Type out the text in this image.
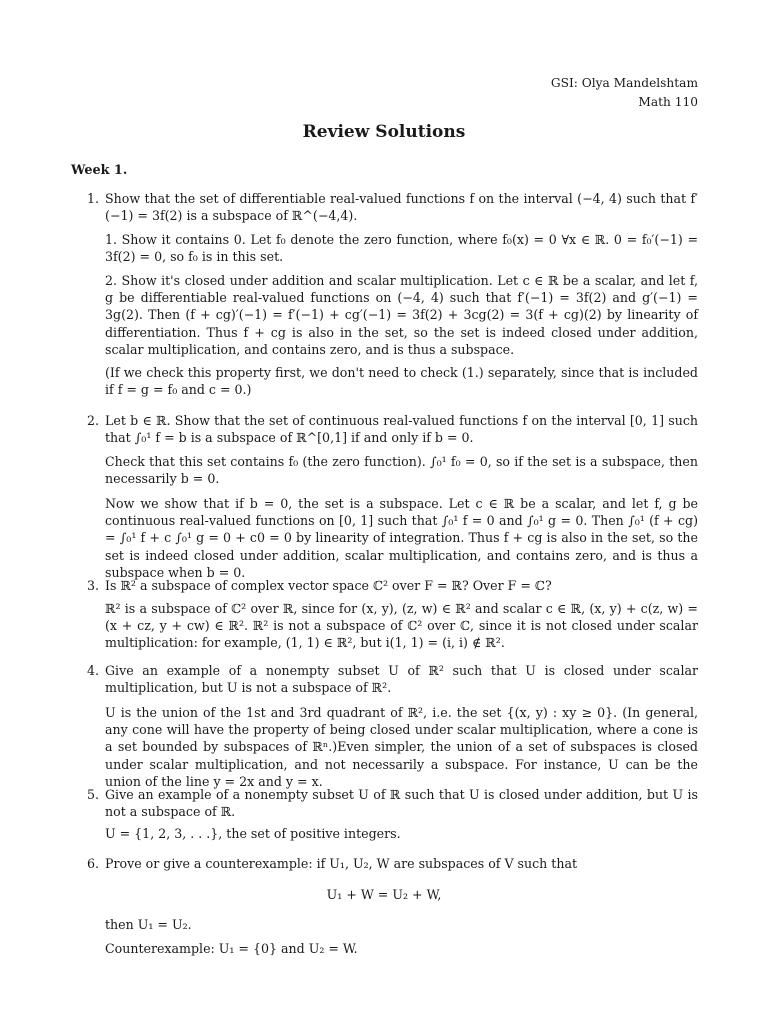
GSI: Olya Mandelshtam
Math 110
Review Solutions
Week 1.
1. Show that the set of differentiable real-valued functions f on the interval (−4, 4) such that f′(−1) = 3f(2) is a subspace of ℝ^(−4,4).
1. Show it contains 0. Let f₀ denote the zero function, where f₀(x) = 0 ∀x ∈ ℝ. 0 = f₀′(−1) = 3f(2) = 0, so f₀ is in this set.
2. Show it's closed under addition and scalar multiplication. Let c ∈ ℝ be a scalar, and let f, g be differentiable real-valued functions on (−4, 4) such that f′(−1) = 3f(2) and g′(−1) = 3g(2). Then (f + cg)′(−1) = f′(−1) + cg′(−1) = 3f(2) + 3cg(2) = 3(f + cg)(2) by linearity of differentiation. Thus f + cg is also in the set, so the set is indeed closed under addition, scalar multiplication, and contains zero, and is thus a subspace.
(If we check this property first, we don't need to check (1.) separately, since that is included if f = g = f₀ and c = 0.)
2. Let b ∈ ℝ. Show that the set of continuous real-valued functions f on the interval [0, 1] such that ∫₀¹ f = b is a subspace of ℝ^[0,1] if and only if b = 0.
Check that this set contains f₀ (the zero function). ∫₀¹ f₀ = 0, so if the set is a subspace, then necessarily b = 0.
Now we show that if b = 0, the set is a subspace. Let c ∈ ℝ be a scalar, and let f, g be continuous real-valued functions on [0, 1] such that ∫₀¹ f = 0 and ∫₀¹ g = 0. Then ∫₀¹ (f + cg) = ∫₀¹ f + c ∫₀¹ g = 0 + c0 = 0 by linearity of integration. Thus f + cg is also in the set, so the set is indeed closed under addition, scalar multiplication, and contains zero, and is thus a subspace when b = 0.
3. Is ℝ² a subspace of complex vector space ℂ² over F = ℝ? Over F = ℂ?
ℝ² is a subspace of ℂ² over ℝ, since for (x, y), (z, w) ∈ ℝ² and scalar c ∈ ℝ, (x, y) + c(z, w) = (x + cz, y + cw) ∈ ℝ². ℝ² is not a subspace of ℂ² over ℂ, since it is not closed under scalar multiplication: for example, (1, 1) ∈ ℝ², but i(1, 1) = (i, i) ∉ ℝ².
4. Give an example of a nonempty subset U of ℝ² such that U is closed under scalar multiplication, but U is not a subspace of ℝ².
U is the union of the 1st and 3rd quadrant of ℝ², i.e. the set {(x, y) : xy ≥ 0}. (In general, any cone will have the property of being closed under scalar multiplication, where a cone is a set bounded by subspaces of ℝⁿ.)Even simpler, the union of a set of subspaces is closed under scalar multiplication, and not necessarily a subspace. For instance, U can be the union of the line y = 2x and y = x.
5. Give an example of a nonempty subset U of ℝ such that U is closed under addition, but U is not a subspace of ℝ.
U = {1, 2, 3, . . .}, the set of positive integers.
6. Prove or give a counterexample: if U₁, U₂, W are subspaces of V such that
U₁ + W = U₂ + W,
then U₁ = U₂.
Counterexample: U₁ = {0} and U₂ = W.
